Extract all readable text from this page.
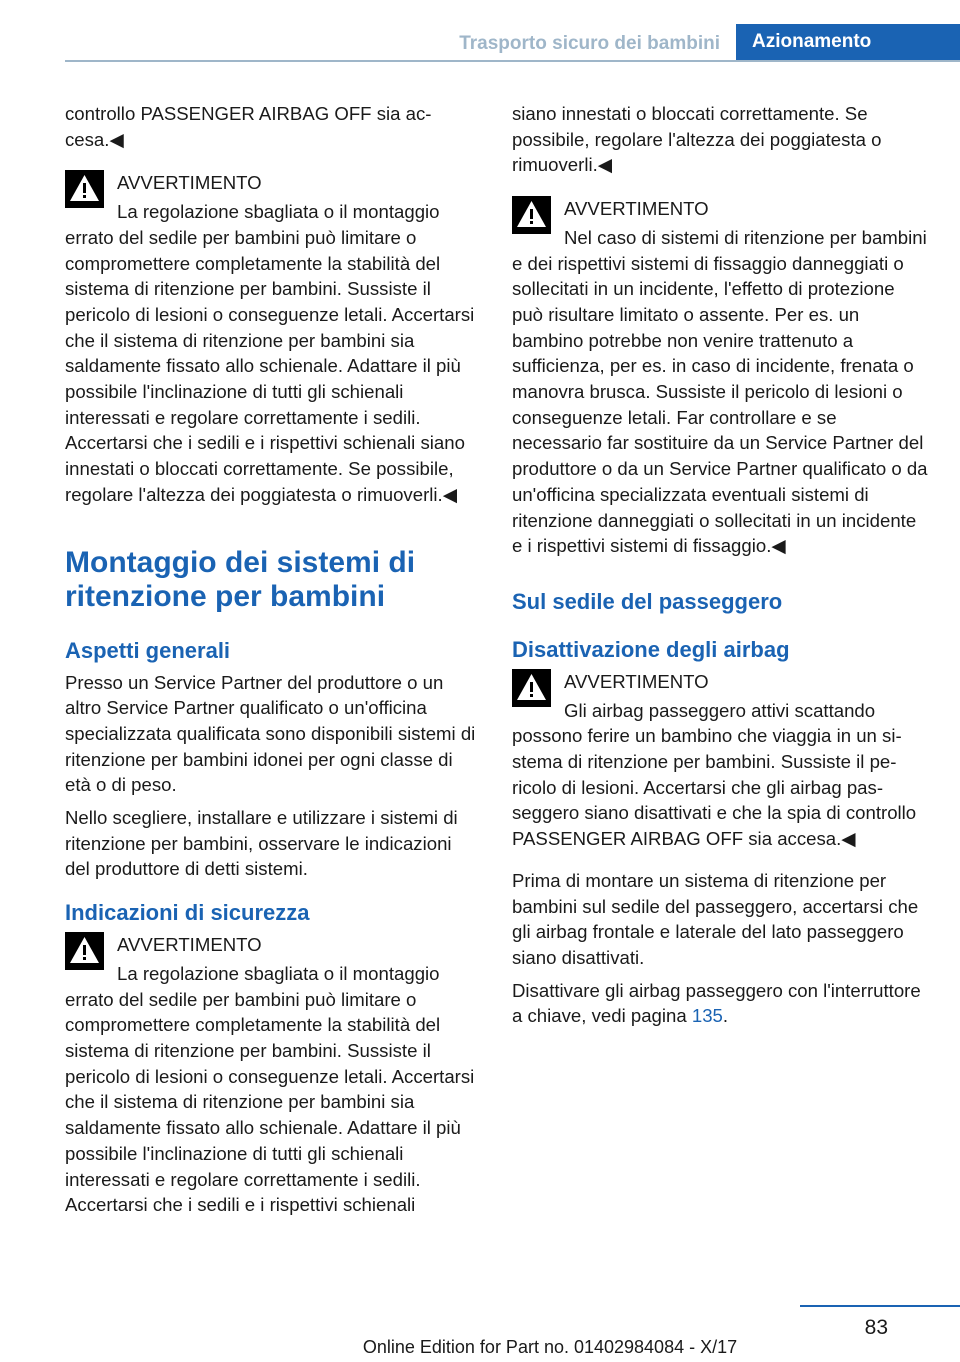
Trasporto sicuro dei bambini	Azionamento

controllo PASSENGER AIRBAG OFF sia accesa.◀

AVVERTIMENTO
La regolazione sbagliata o il montaggio errato del sedile per bambini può limitare o compromettere completamente la stabilità del sistema di ritenzione per bambini. Sussiste il pericolo di lesioni o conseguenze letali. Accertarsi che il sistema di ritenzione per bambini sia saldamente fissato allo schienale. Adattare il più possibile l'inclinazione di tutti gli schienali interessati e regolare correttamente i sedili. Accertarsi che i sedili e i rispettivi schienali siano innestati o bloccati correttamente. Se possibile, regolare l'altezza dei poggiatesta o rimuoverli.◀
Montaggio dei sistemi di ritenzione per bambini
Aspetti generali

Presso un Service Partner del produttore o un altro Service Partner qualificato o un'officina specializzata qualificata sono disponibili sistemi di ritenzione per bambini idonei per ogni classe di età o di peso.

Nello scegliere, installare e utilizzare i sistemi di ritenzione per bambini, osservare le indicazioni del produttore di detti sistemi.

Indicazioni di sicurezza
AVVERTIMENTO
La regolazione sbagliata o il montaggio errato del sedile per bambini può limitare o compromettere completamente la stabilità del sistema di ritenzione per bambini. Sussiste il pericolo di lesioni o conseguenze letali. Accertarsi che il sistema di ritenzione per bambini sia saldamente fissato allo schienale. Adattare il più possibile l'inclinazione di tutti gli schienali interessati e regolare correttamente i sedili. Accertarsi che i sedili e i rispettivi schienali

siano innestati o bloccati correttamente. Se possibile, regolare l'altezza dei poggiatesta o rimuoverli.◀

AVVERTIMENTO
Nel caso di sistemi di ritenzione per bambini e dei rispettivi sistemi di fissaggio danneggiati o sollecitati in un incidente, l'effetto di protezione può risultare limitato o assente. Per es. un bambino potrebbe non venire trattenuto a sufficienza, per es. in caso di incidente, frenata o manovra brusca. Sussiste il pericolo di lesioni o conseguenze letali. Far controllare e se necessario far sostituire da un Service Partner del produttore o da un Service Partner qualificato o da un'officina specializzata eventuali sistemi di ritenzione danneggiati o sollecitati in un incidente e i rispettivi sistemi di fissaggio.◀
Sul sedile del passeggero
Disattivazione degli airbag
AVVERTIMENTO
Gli airbag passeggero attivi scattando possono ferire un bambino che viaggia in un sistema di ritenzione per bambini. Sussiste il pericolo di lesioni. Accertarsi che gli airbag passeggero siano disattivati e che la spia di controllo PASSENGER AIRBAG OFF sia accesa.◀

Prima di montare un sistema di ritenzione per bambini sul sedile del passeggero, accertarsi che gli airbag frontale e laterale del lato passeggero siano disattivati.

Disattivare gli airbag passeggero con l'interruttore a chiave, vedi pagina 135.

83
Online Edition for Part no. 01402984084 - X/17
